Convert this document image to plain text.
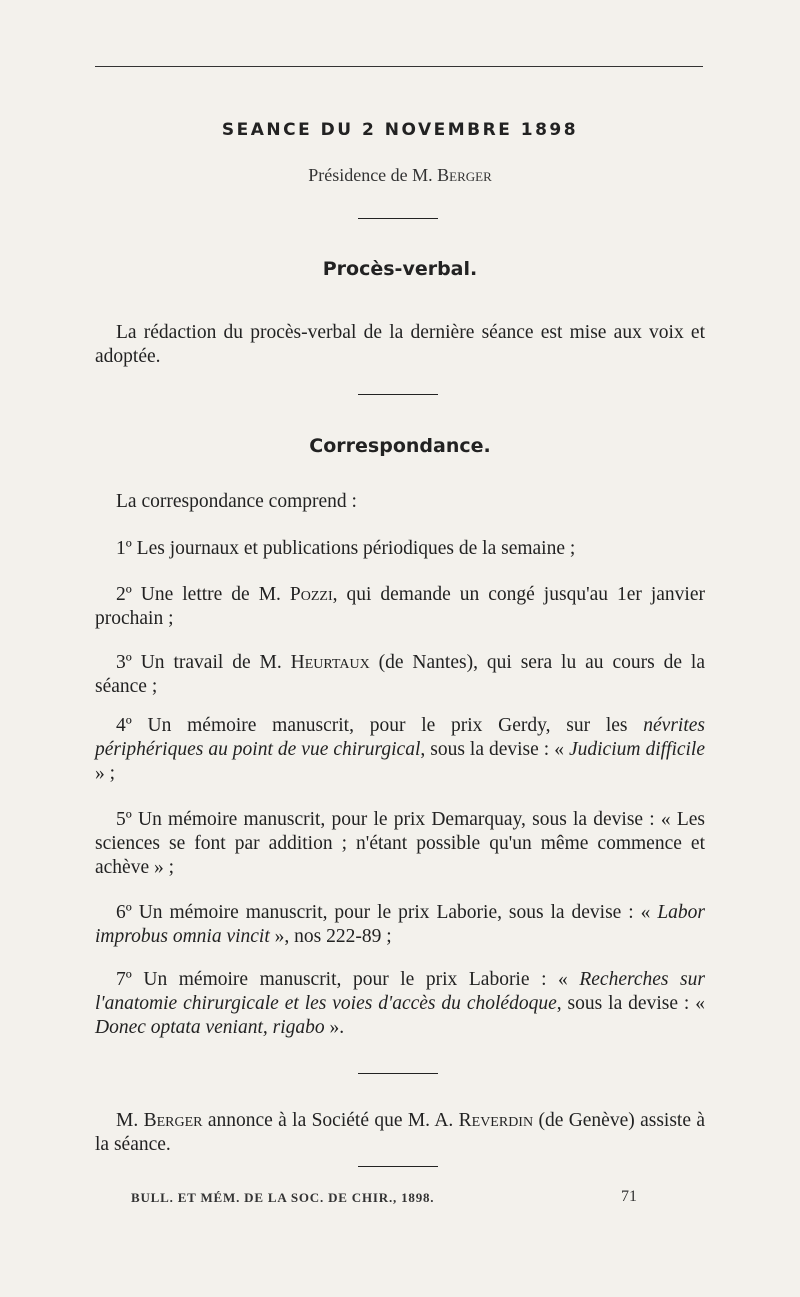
SEANCE DU 2 NOVEMBRE 1898
Présidence de M. Berger
Procès-verbal.
La rédaction du procès-verbal de la dernière séance est mise aux voix et adoptée.
Correspondance.
La correspondance comprend :
1º Les journaux et publications périodiques de la semaine ;
2º Une lettre de M. Pozzi, qui demande un congé jusqu'au 1er janvier prochain ;
3º Un travail de M. Heurtaux (de Nantes), qui sera lu au cours de la séance ;
4º Un mémoire manuscrit, pour le prix Gerdy, sur les névrites périphériques au point de vue chirurgical, sous la devise : « Judicium difficile » ;
5º Un mémoire manuscrit, pour le prix Demarquay, sous la devise : « Les sciences se font par addition ; n'étant possible qu'un même commence et achève » ;
6º Un mémoire manuscrit, pour le prix Laborie, sous la devise : « Labor improbus omnia vincit », nos 222-89 ;
7º Un mémoire manuscrit, pour le prix Laborie : « Recherches sur l'anatomie chirurgicale et les voies d'accès du cholédoque, sous la devise : « Donec optata veniant, rigabo ».
M. Berger annonce à la Société que M. A. Reverdin (de Genève) assiste à la séance.
BULL. ET MÉM. DE LA SOC. DE CHIR., 1898.	71
